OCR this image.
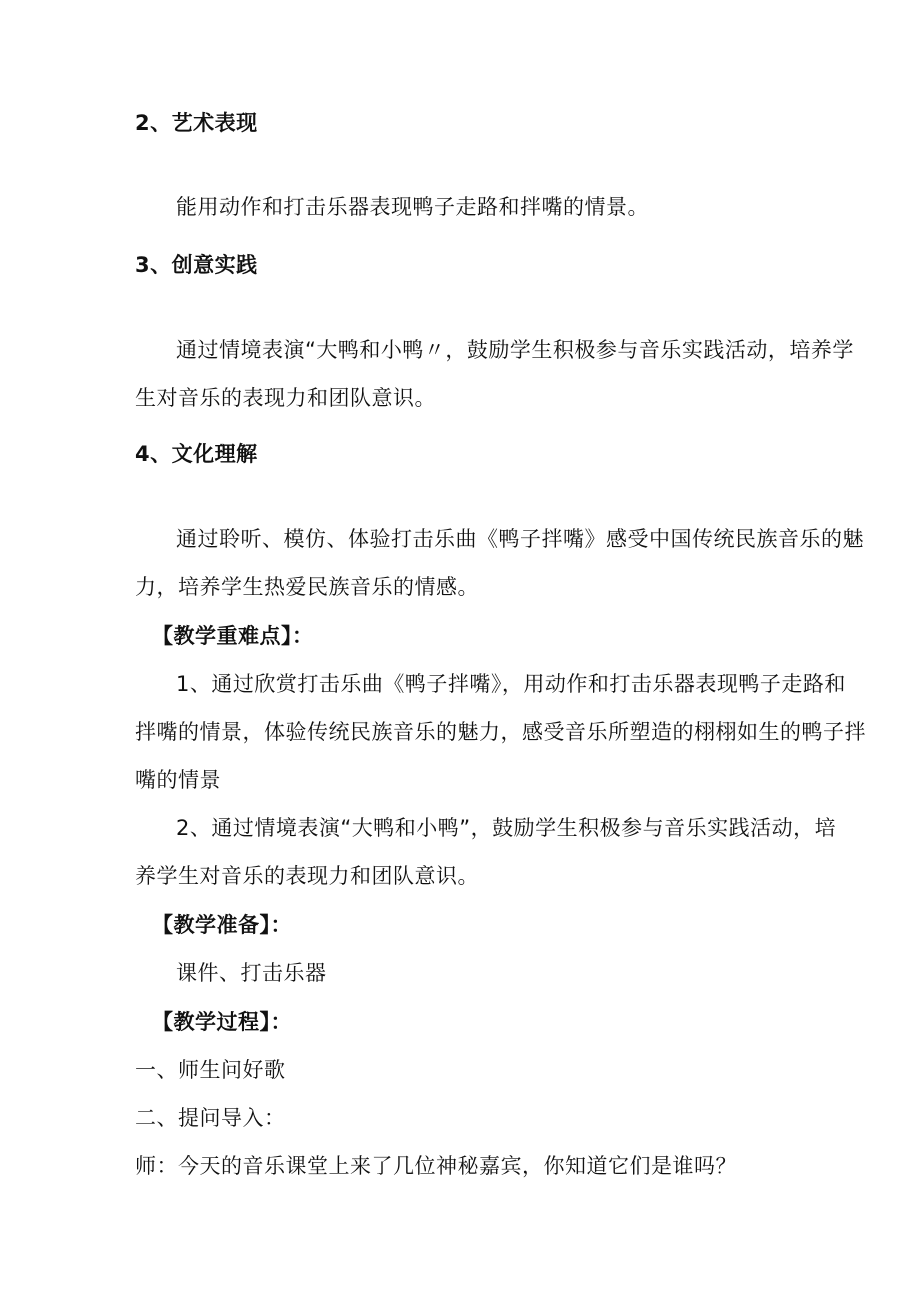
2、艺术表现
能用动作和打击乐器表现鸭子走路和拌嘴的情景。
3、创意实践
通过情境表演“大鸭和小鸭〃，鼓励学生积极参与音乐实践活动，培养学
生对音乐的表现力和团队意识。
4、文化理解
通过聆听、模仿、体验打击乐曲《鸭子拌嘴》感受中国传统民族音乐的魅
力，培养学生热爱民族音乐的情感。
【教学重难点】：
1、通过欣赏打击乐曲《鸭子拌嘴》，用动作和打击乐器表现鸭子走路和
拌嘴的情景，体验传统民族音乐的魅力，感受音乐所塑造的栩栩如生的鸭子拌
嘴的情景
2、通过情境表演“大鸭和小鸭”，鼓励学生积极参与音乐实践活动，培
养学生对音乐的表现力和团队意识。
【教学准备】：
课件、打击乐器
【教学过程】：
一、师生问好歌
二、提问导入：
师：今天的音乐课堂上来了几位神秘嘉宾，你知道它们是谁吗？
